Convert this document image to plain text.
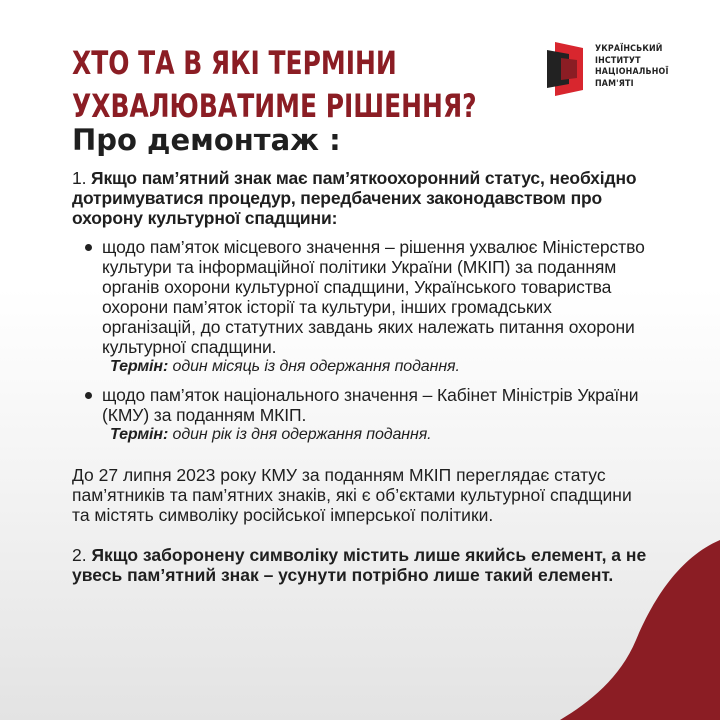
ХТО ТА В ЯКІ ТЕРМІНИ
УХВАЛЮВАТИМЕ РІШЕННЯ?
Про демонтаж :
УКРАЇНСЬКИЙ
ІНСТИТУТ
НАЦІОНАЛЬНОЇ
ПАМ'ЯТІ

1. Якщо пам’ятний знак має пам’яткоохоронний статус, необхідно дотримуватися процедур, передбачених законодавством про охорону культурної спадщини:

щодо пам’яток місцевого значення – рішення ухвалює Міністерство культури та інформаційної політики України (МКІП) за поданням органів охорони культурної спадщини, Українського товариства охорони пам’яток історії та культури, інших громадських організацій, до статутних завдань яких належать питання охорони культурної спадщини.
Термін: один місяць із дня одержання подання.
щодо пам’яток національного значення – Кабінет Міністрів України (КМУ) за поданням МКІП.
Термін: один рік із дня одержання подання.

До 27 липня 2023 року КМУ за поданням МКІП переглядає статус пам’ятників та пам’ятних знаків, які є об’єктами культурної спадщини та містять символіку російської імперської політики.

2. Якщо заборонену символіку містить лише якийсь елемент, а не увесь пам’ятний знак – усунути потрібно лише такий елемент.
